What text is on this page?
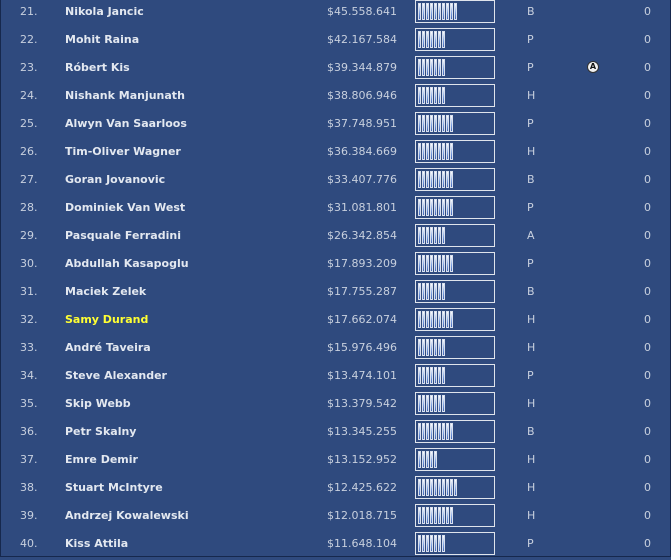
21.	Nikola Jancic	$45.558.641	B	0
22.	Mohit Raina	$42.167.584	P	0
23.	Róbert Kis	$39.344.879	P	A	0
24.	Nishank Manjunath	$38.806.946	H	0
25.	Alwyn Van Saarloos	$37.748.951	P	0
26.	Tim-Oliver Wagner	$36.384.669	H	0
27.	Goran Jovanovic	$33.407.776	B	0
28.	Dominiek Van West	$31.081.801	P	0
29.	Pasquale Ferradini	$26.342.854	A	0
30.	Abdullah Kasapoglu	$17.893.209	P	0
31.	Maciek Zelek	$17.755.287	B	0
32.	Samy Durand	$17.662.074	H	0
33.	André Taveira	$15.976.496	H	0
34.	Steve Alexander	$13.474.101	P	0
35.	Skip Webb	$13.379.542	H	0
36.	Petr Skalny	$13.345.255	B	0
37.	Emre Demir	$13.152.952	H	0
38.	Stuart McIntyre	$12.425.622	H	0
39.	Andrzej Kowalewski	$12.018.715	H	0
40.	Kiss Attila	$11.648.104	P	0
